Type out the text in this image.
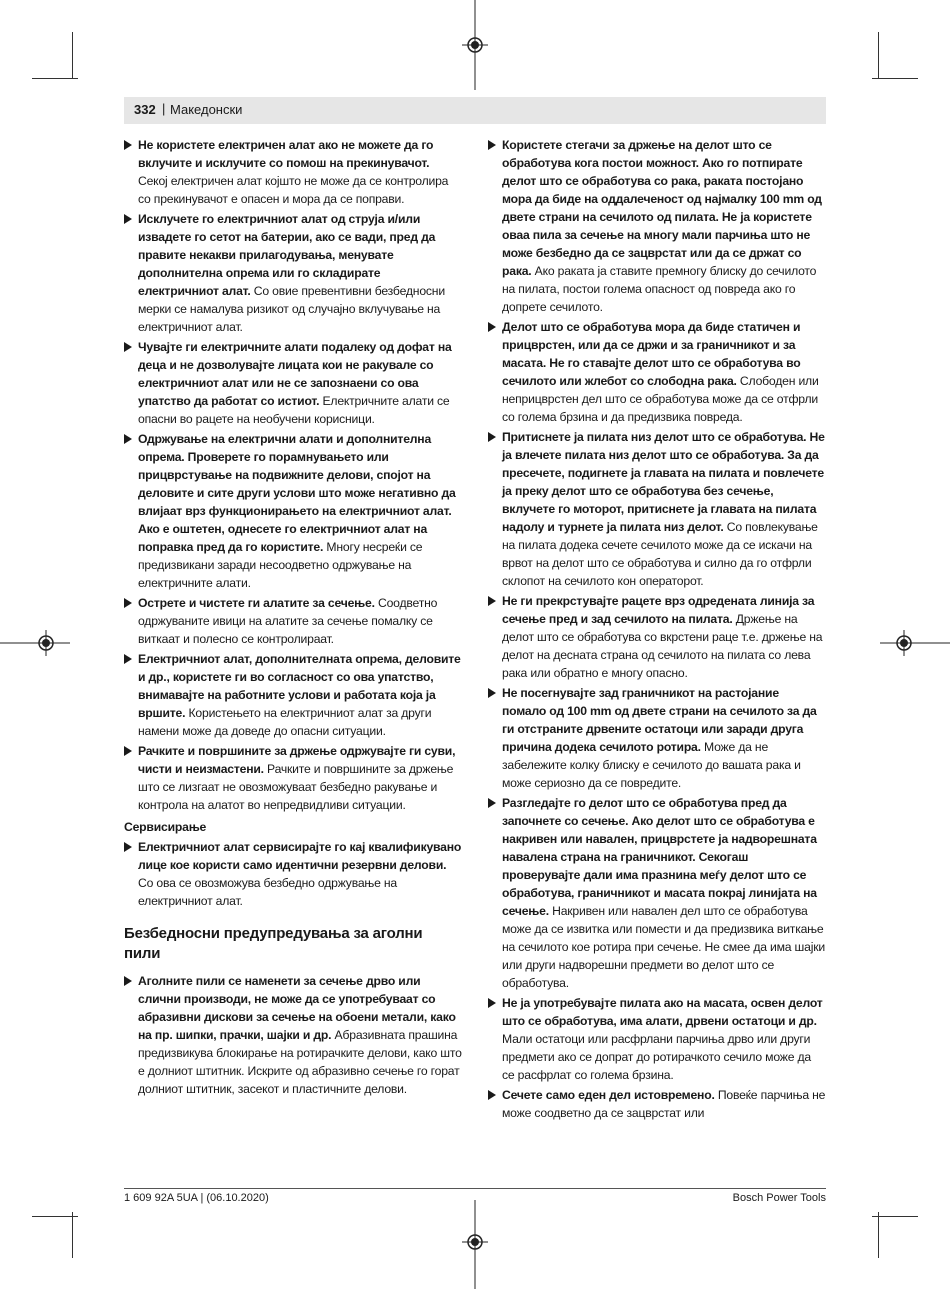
332 | Македонски
Не користете електричен алат ако не можете да го вклучите и исклучите со помош на прекинувачот. Секој електричен алат којшто не може да се контролира со прекинувачот е опасен и мора да се поправи.
Исклучете го електричниот алат од струја и/или извадете го сетот на батерии, ако се вади, пред да правите некакви прилагодувања, менувате дополнителна опрема или го складирате електричниот алат. Со овие превентивни безбедносни мерки се намалува ризикот од случајно вклучување на електричниот алат.
Чувајте ги електричните алати подалеку од дофат на деца и не дозволувајте лицата кои не ракувале со електричниот алат или не се запознаени со ова упатство да работат со истиот. Електричните алати се опасни во рацете на необучени корисници.
Одржување на електрични алати и дополнителна опрема. Проверете го порамнувањето или прицврстување на подвижните делови, спојот на деловите и сите други услови што може негативно да влијаат врз функционирањето на електричниот алат. Ако е оштетен, однесете го електричниот алат на поправка пред да го користите. Многу несреќи се предизвикани заради несоодветно одржување на електричните алати.
Острете и чистете ги алатите за сечење. Соодветно одржуваните ивици на алатите за сечење помалку се виткаат и полесно се контролираат.
Електричниот алат, дополнителната опрема, деловите и др., користете ги во согласност со ова упатство, внимавајте на работните услови и работата која ја вршите. Користењето на електричниот алат за други намени може да доведе до опасни ситуации.
Рачките и површините за држење одржувајте ги суви, чисти и неизмастени. Рачките и површините за држење што се лизгаат не овозможуваат безбедно ракување и контрола на алатот во непредвидливи ситуации.
Сервисирање
Електричниот алат сервисирајте го кај квалификувано лице кое користи само идентични резервни делови. Со ова се овозможува безбедно одржување на електричниот алат.
Безбедносни предупредувања за аголни пили
Аголните пили се наменети за сечење дрво или слични производи, не може да се употребуваат со абразивни дискови за сечење на обоени метали, како на пр. шипки, прачки, шајки и др. Абразивната прашина предизвикува блокирање на ротирачките делови, како што е долниот штитник. Искрите од абразивно сечење го горат долниот штитник, засекот и пластичните делови.
Користете стегачи за држење на делот што се обработува кога постои можност. Ако го потпирате делот што се обработува со рака, раката постојано мора да биде на оддалеченост од најмалку 100 mm од двете страни на сечилото од пилата. Не ја користете оваа пила за сечење на многу мали парчиња што не може безбедно да се зацврстат или да се држат со рака. Ако раката ја ставите премногу блиску до сечилото на пилата, постои голема опасност од повреда ако го допрете сечилото.
Делот што се обработува мора да биде статичен и прицврстен, или да се држи и за граничникот и за масата. Не го ставајте делот што се обработува во сечилото или жлебот со слободна рака. Слободен или неприцврстен дел што се обработува може да се отфрли со голема брзина и да предизвика повреда.
Притиснете ја пилата низ делот што се обработува. Не ја влечете пилата низ делот што се обработува. За да пресечете, подигнете ја главата на пилата и повлечете ја преку делот што се обработува без сечење, вклучете го моторот, притиснете ја главата на пилата надолу и турнете ја пилата низ делот. Со повлекување на пилата додека сечете сечилото може да се искачи на врвот на делот што се обработува и силно да го отфрли склопот на сечилото кон операторот.
Не ги прекрстувајте рацете врз одредената линија за сечење пред и зад сечилото на пилата. Држење на делот што се обработува со вкрстени раце т.е. држење на делот на десната страна од сечилото на пилата со лева рака или обратно е многу опасно.
Не посегнувајте зад граничникот на растојание помало од 100 mm од двете страни на сечилото за да ги отстраните дрвените остатоци или заради друга причина додека сечилото ротира. Може да не забележите колку блиску е сечилото до вашата рака и може сериозно да се повредите.
Разгледајте го делот што се обработува пред да започнете со сечење. Ако делот што се обработува е накривен или навален, прицврстете ја надворешната навалена страна на граничникот. Секогаш проверувајте дали има празнина меѓу делот што се обработува, граничникот и масата покрај линијата на сечење. Накривен или навален дел што се обработува може да се извитка или помести и да предизвика виткање на сечилото кое ротира при сечење. Не смее да има шајки или други надворешни предмети во делот што се обработува.
Не ја употребувајте пилата ако на масата, освен делот што се обработува, има алати, дрвени остатоци и др. Мали остатоци или расфрлани парчиња дрво или други предмети ако се допрат до ротирачкото сечило може да се расфрлат со голема брзина.
Сечете само еден дел истовремено. Повеќе парчиња не може соодветно да се зацврстат или
1 609 92A 5UA | (06.10.2020)	Bosch Power Tools
